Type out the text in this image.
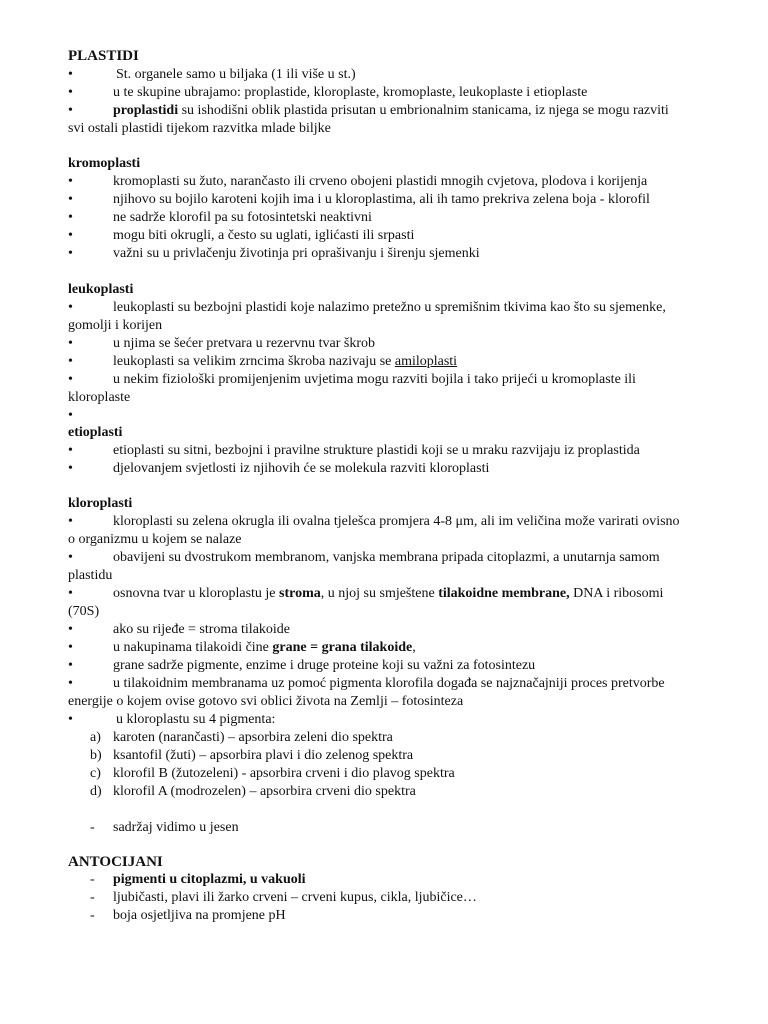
PLASTIDI
•	St. organele samo u biljaka (1 ili više u st.)
•	u te skupine ubrajamo: proplastide, kloroplaste, kromoplaste, leukoplaste i etioplaste
•	proplastidi su ishodišni oblik plastida prisutan u embrionalnim stanicama, iz njega se mogu razviti
svi ostali plastidi tijekom razvitka mlade biljke
kromoplasti
•	kromoplasti su žuto, narančasto ili crveno obojeni plastidi mnogih cvjetova, plodova i korijenja
•	njihovo su bojilo karoteni kojih ima i u kloroplastima, ali ih tamo prekriva zelena boja - klorofil
•	ne sadrže klorofil pa su fotosintetski neaktivni
•	mogu biti okrugli, a često su uglati, iglićasti ili srpasti
•	važni su u privlačenju životinja pri oprašivanju i širenju sjemenki
leukoplasti
•	leukoplasti su bezbojni plastidi koje nalazimo pretežno u spremišnim tkivima kao što su sjemenke,
gomolji i korijen
•	u njima se šećer pretvara u rezervnu tvar škrob
•	leukoplasti sa velikim zrncima škroba nazivaju se amiloplasti
•	u nekim fiziološki promijenjenim uvjetima mogu razviti bojila i tako prijeći u kromoplaste ili
kloroplaste
•
etioplasti
•	etioplasti su sitni, bezbojni i pravilne strukture plastidi koji se u mraku razvijaju iz proplastida
•	djelovanjem svjetlosti iz njihovih će se molekula razviti kloroplasti
kloroplasti
•	kloroplasti su zelena okrugla ili ovalna tjelešca promjera 4-8 μm, ali im veličina može varirati ovisno
o organizmu u kojem se nalaze
•	obavijeni su dvostrukom membranom, vanjska membrana pripada citoplazmi, a unutarnja samom
plastidu
•	osnovna tvar u kloroplastu je stroma, u njoj su smještene tilakoidne membrane, DNA i ribosomi
(70S)
•	ako su rijeđe = stroma tilakoide
•	u nakupinama tilakoidi čine grane = grana tilakoide,
•	grane sadrže pigmente, enzime i druge proteine koji su važni za fotosintezu
•	u tilakoidnim membranama uz pomoć pigmenta klorofila događa se najznačajniji proces pretvorbe
energije o kojem ovise gotovo svi oblici života na Zemlji – fotosinteza
•	u kloroplastu su 4 pigmenta:
a) karoten (narančasti) – apsorbira zeleni dio spektra
b) ksantofil (žuti) – apsorbira plavi i dio zelenog spektra
c) klorofil B (žutozeleni) - apsorbira crveni i dio plavog spektra
d) klorofil A (modrozelen) – apsorbira crveni dio spektra
- sadržaj vidimo u jesen
ANTOCIJANI
- pigmenti u citoplazmi, u vakuoli
- ljubičasti, plavi ili žarko crveni – crveni kupus, cikla, ljubičice…
- boja osjetljiva na promjene pH
